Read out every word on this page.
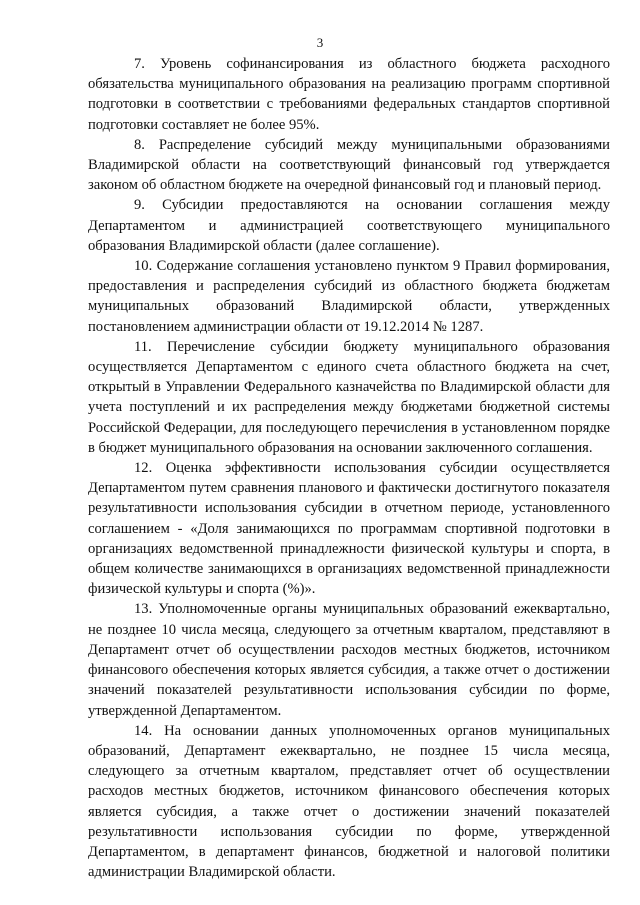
3

7. Уровень софинансирования из областного бюджета расходного обязательства муниципального образования на реализацию программ спортивной подготовки в соответствии с требованиями федеральных стандартов спортивной подготовки составляет не более 95%.

8. Распределение субсидий между муниципальными образованиями Владимирской области на соответствующий финансовый год утверждается законом об областном бюджете на очередной финансовый год и плановый период.

9. Субсидии предоставляются на основании соглашения между Департаментом и администрацией соответствующего муниципального образования Владимирской области (далее соглашение).

10. Содержание соглашения установлено пунктом 9 Правил формирования, предоставления и распределения субсидий из областного бюджета бюджетам муниципальных образований Владимирской области, утвержденных постановлением администрации области от 19.12.2014 № 1287.

11. Перечисление субсидии бюджету муниципального образования осуществляется Департаментом с единого счета областного бюджета на счет, открытый в Управлении Федерального казначейства по Владимирской области для учета поступлений и их распределения между бюджетами бюджетной системы Российской Федерации, для последующего перечисления в установленном порядке в бюджет муниципального образования на основании заключенного соглашения.

12. Оценка эффективности использования субсидии осуществляется Департаментом путем сравнения планового и фактически достигнутого показателя результативности использования субсидии в отчетном периоде, установленного соглашением - «Доля занимающихся по программам спортивной подготовки в организациях ведомственной принадлежности физической культуры и спорта, в общем количестве занимающихся в организациях ведомственной принадлежности физической культуры и спорта (%)».

13. Уполномоченные органы муниципальных образований ежеквартально, не позднее 10 числа месяца, следующего за отчетным кварталом, представляют в Департамент отчет об осуществлении расходов местных бюджетов, источником финансового обеспечения которых является субсидия, а также отчет о достижении значений показателей результативности использования субсидии по форме, утвержденной Департаментом.

14. На основании данных уполномоченных органов муниципальных образований, Департамент ежеквартально, не позднее 15 числа месяца, следующего за отчетным кварталом, представляет отчет об осуществлении расходов местных бюджетов, источником финансового обеспечения которых является субсидия, а также отчет о достижении значений показателей результативности использования субсидии по форме, утвержденной Департаментом, в департамент финансов, бюджетной и налоговой политики администрации Владимирской области.
